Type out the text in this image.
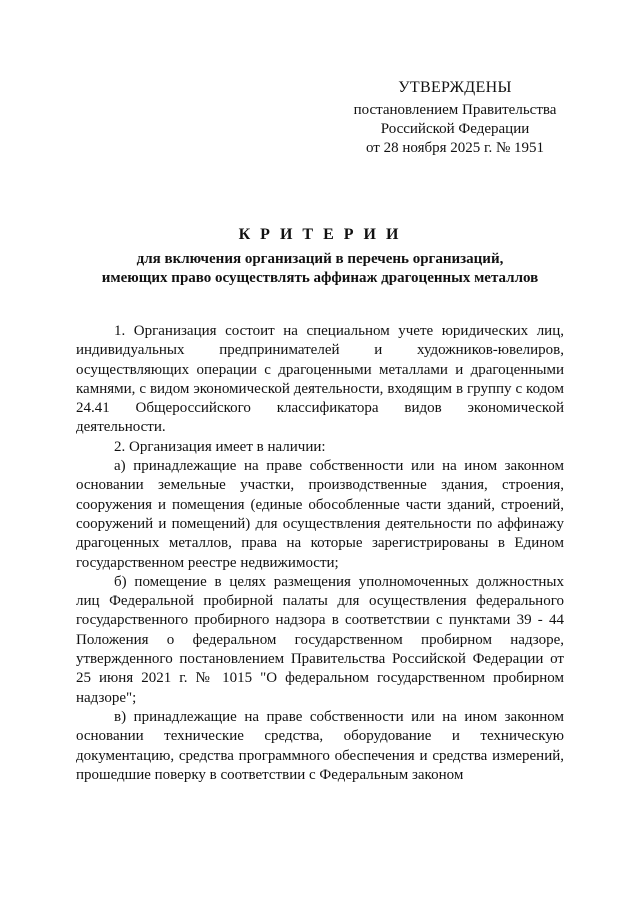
УТВЕРЖДЕНЫ
постановлением Правительства
Российской Федерации
от 28 ноября 2025 г. № 1951
К Р И Т Е Р И И
для включения организаций в перечень организаций,
имеющих право осуществлять аффинаж драгоценных металлов

1. Организация состоит на специальном учете юридических лиц, индивидуальных предпринимателей и художников-ювелиров, осуществляющих операции с драгоценными металлами и драгоценными камнями, с видом экономической деятельности, входящим в группу с кодом 24.41 Общероссийского классификатора видов экономической деятельности.

2. Организация имеет в наличии:

а) принадлежащие на праве собственности или на ином законном основании земельные участки, производственные здания, строения, сооружения и помещения (единые обособленные части зданий, строений, сооружений и помещений) для осуществления деятельности по аффинажу драгоценных металлов, права на которые зарегистрированы в Едином государственном реестре недвижимости;

б) помещение в целях размещения уполномоченных должностных лиц Федеральной пробирной палаты для осуществления федерального государственного пробирного надзора в соответствии с пунктами 39 - 44 Положения о федеральном государственном пробирном надзоре, утвержденного постановлением Правительства Российской Федерации от 25 июня 2021 г. № 1015 "О федеральном государственном пробирном надзоре";

в) принадлежащие на праве собственности или на ином законном основании технические средства, оборудование и техническую документацию, средства программного обеспечения и средства измерений, прошедшие поверку в соответствии с Федеральным законом
